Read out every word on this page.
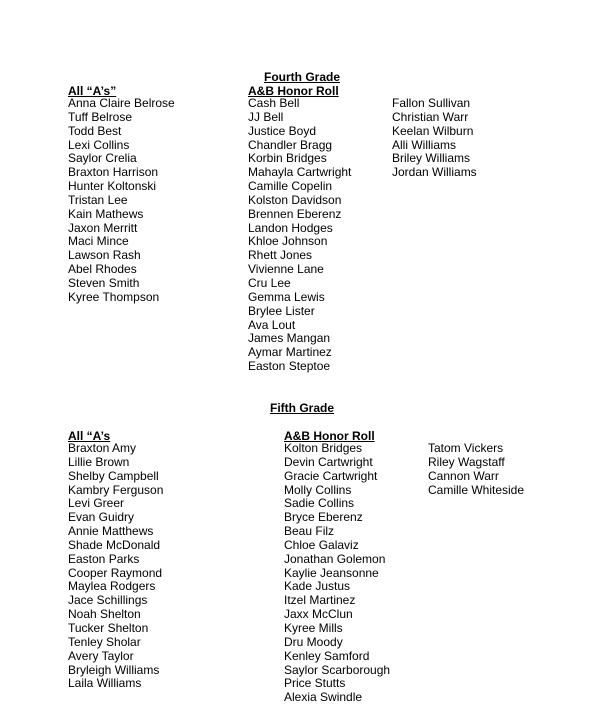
Fourth Grade
All “A’s”	A&B Honor Roll
Anna Claire Belrose
Tuff Belrose
Todd Best
Lexi Collins
Saylor Crelia
Braxton Harrison
Hunter Koltonski
Tristan Lee
Kain Mathews
Jaxon Merritt
Maci Mince
Lawson Rash
Abel Rhodes
Steven Smith
Kyree Thompson
Cash Bell
JJ Bell
Justice Boyd
Chandler Bragg
Korbin Bridges
Mahayla Cartwright
Camille Copelin
Kolston Davidson
Brennen Eberenz
Landon Hodges
Khloe Johnson
Rhett Jones
Vivienne Lane
Cru Lee
Gemma Lewis
Brylee Lister
Ava Lout
James Mangan
Aymar Martinez
Easton Steptoe
Fallon Sullivan
Christian Warr
Keelan Wilburn
Alli Williams
Briley Williams
Jordan Williams
Fifth Grade
All “A’s	A&B Honor Roll
Braxton Amy
Lillie Brown
Shelby Campbell
Kambry Ferguson
Levi Greer
Evan Guidry
Annie Matthews
Shade McDonald
Easton Parks
Cooper Raymond
Maylea Rodgers
Jace Schillings
Noah Shelton
Tucker Shelton
Tenley Sholar
Avery Taylor
Bryleigh Williams
Laila Williams
Kolton Bridges
Devin Cartwright
Gracie Cartwright
Molly Collins
Sadie Collins
Bryce Eberenz
Beau Filz
Chloe Galaviz
Jonathan Golemon
Kaylie Jeansonne
Kade Justus
Itzel Martinez
Jaxx McClun
Kyree Mills
Dru Moody
Kenley Samford
Saylor Scarborough
Price Stutts
Alexia Swindle
Tatom Vickers
Riley Wagstaff
Cannon Warr
Camille Whiteside
